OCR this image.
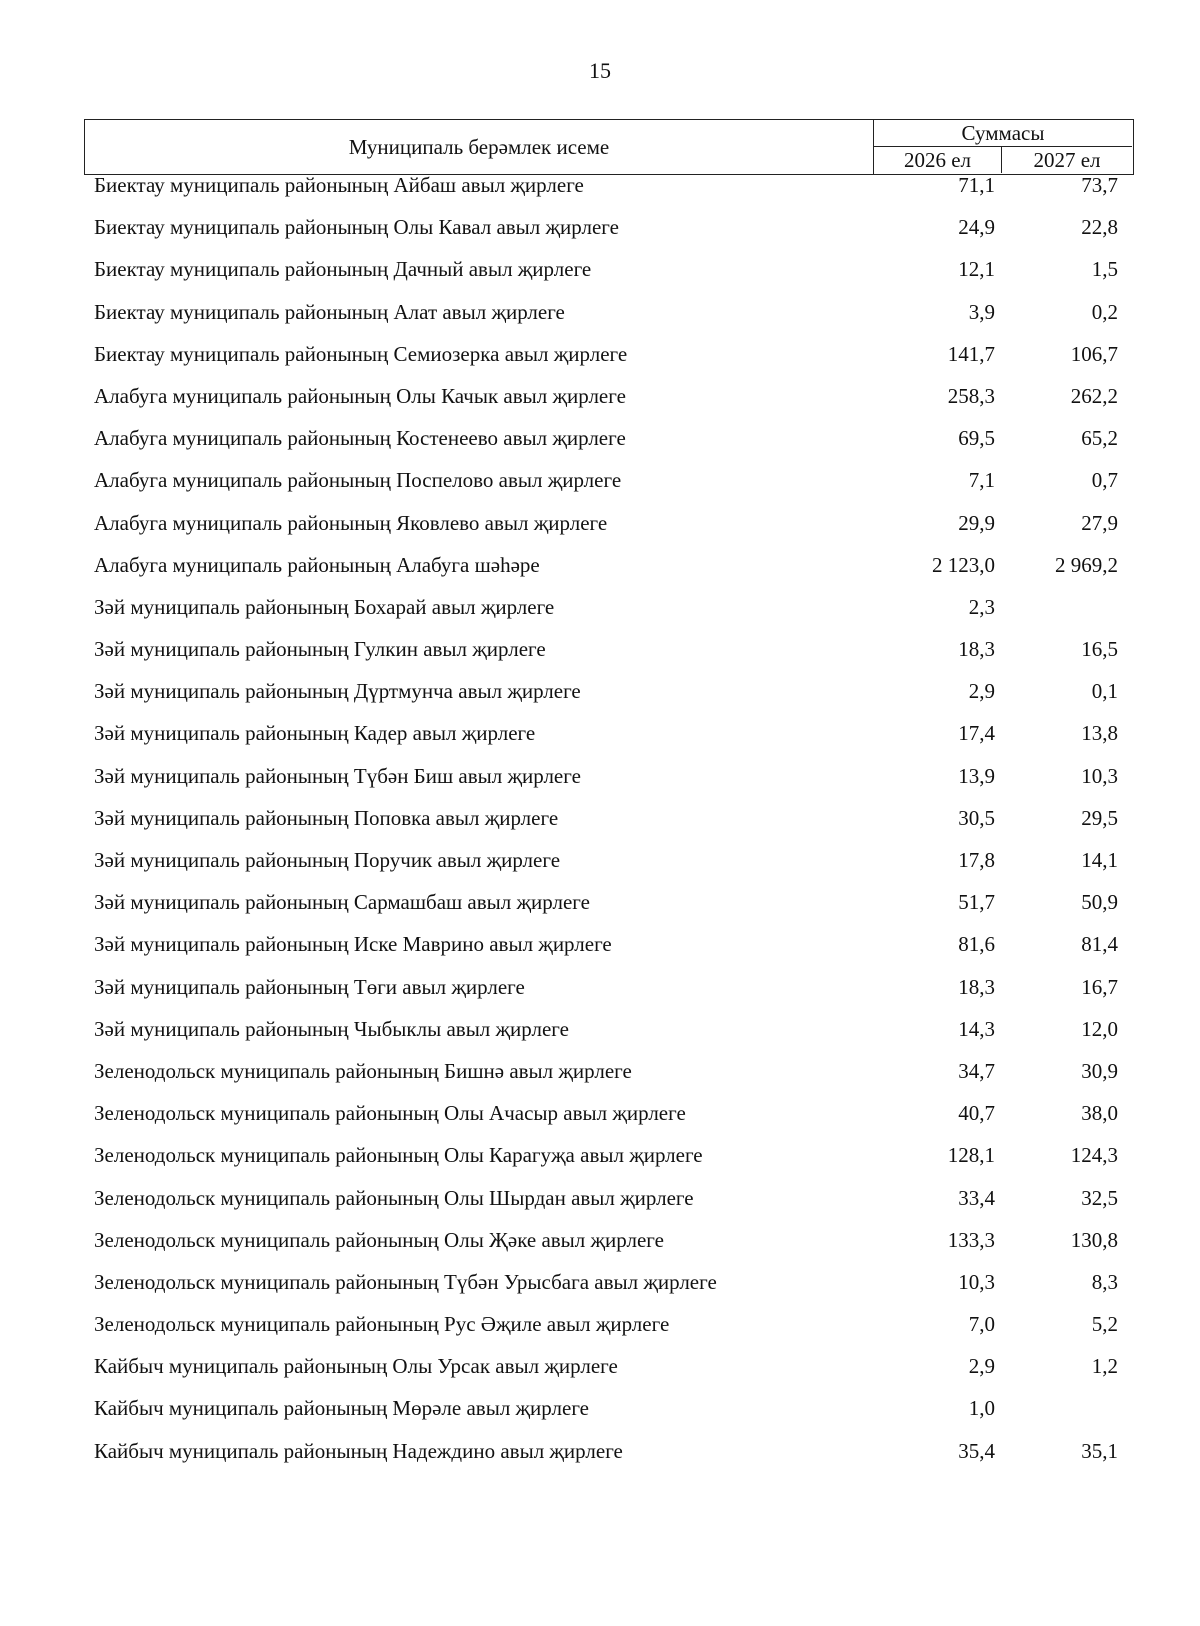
15
Муниципаль берәмлек исеме
Суммасы
2026 ел	2027 ел
Биектау муниципаль районының Айбаш авыл җирлеге	71,1	73,7
Биектау муниципаль районының Олы Кавал авыл җирлеге	24,9	22,8
Биектау муниципаль районының Дачный авыл җирлеге	12,1	1,5
Биектау муниципаль районының Алат авыл җирлеге	3,9	0,2
Биектау муниципаль районының Семиозерка авыл җирлеге	141,7	106,7
Алабуга муниципаль районының Олы Качык авыл җирлеге	258,3	262,2
Алабуга муниципаль районының Костенеево авыл җирлеге	69,5	65,2
Алабуга муниципаль районының Поспелово авыл җирлеге	7,1	0,7
Алабуга муниципаль районының Яковлево авыл җирлеге	29,9	27,9
Алабуга муниципаль районының Алабуга шәһәре	2 123,0	2 969,2
Зәй муниципаль районының Бохарай авыл җирлеге	2,3
Зәй муниципаль районының Гулкин авыл җирлеге	18,3	16,5
Зәй муниципаль районының Дүртмунча авыл җирлеге	2,9	0,1
Зәй муниципаль районының Кадер авыл җирлеге	17,4	13,8
Зәй муниципаль районының Түбән Биш авыл җирлеге	13,9	10,3
Зәй муниципаль районының Поповка авыл җирлеге	30,5	29,5
Зәй муниципаль районының Поручик авыл җирлеге	17,8	14,1
Зәй муниципаль районының Сармашбаш авыл җирлеге	51,7	50,9
Зәй муниципаль районының Иске Маврино авыл җирлеге	81,6	81,4
Зәй муниципаль районының Төги авыл җирлеге	18,3	16,7
Зәй муниципаль районының Чыбыклы авыл җирлеге	14,3	12,0
Зеленодольск муниципаль районының Бишнә авыл җирлеге	34,7	30,9
Зеленодольск муниципаль районының Олы Ачасыр авыл җирлеге	40,7	38,0
Зеленодольск муниципаль районының Олы Карагуҗа авыл җирлеге	128,1	124,3
Зеленодольск муниципаль районының Олы Шырдан авыл җирлеге	33,4	32,5
Зеленодольск муниципаль районының Олы Җәке авыл җирлеге	133,3	130,8
Зеленодольск муниципаль районының Түбән Урысбага авыл җирлеге	10,3	8,3
Зеленодольск муниципаль районының Рус Әҗиле авыл җирлеге	7,0	5,2
Кайбыч муниципаль районының Олы Урсак авыл җирлеге	2,9	1,2
Кайбыч муниципаль районының Мөрәле авыл җирлеге	1,0
Кайбыч муниципаль районының Надеждино авыл җирлеге	35,4	35,1
